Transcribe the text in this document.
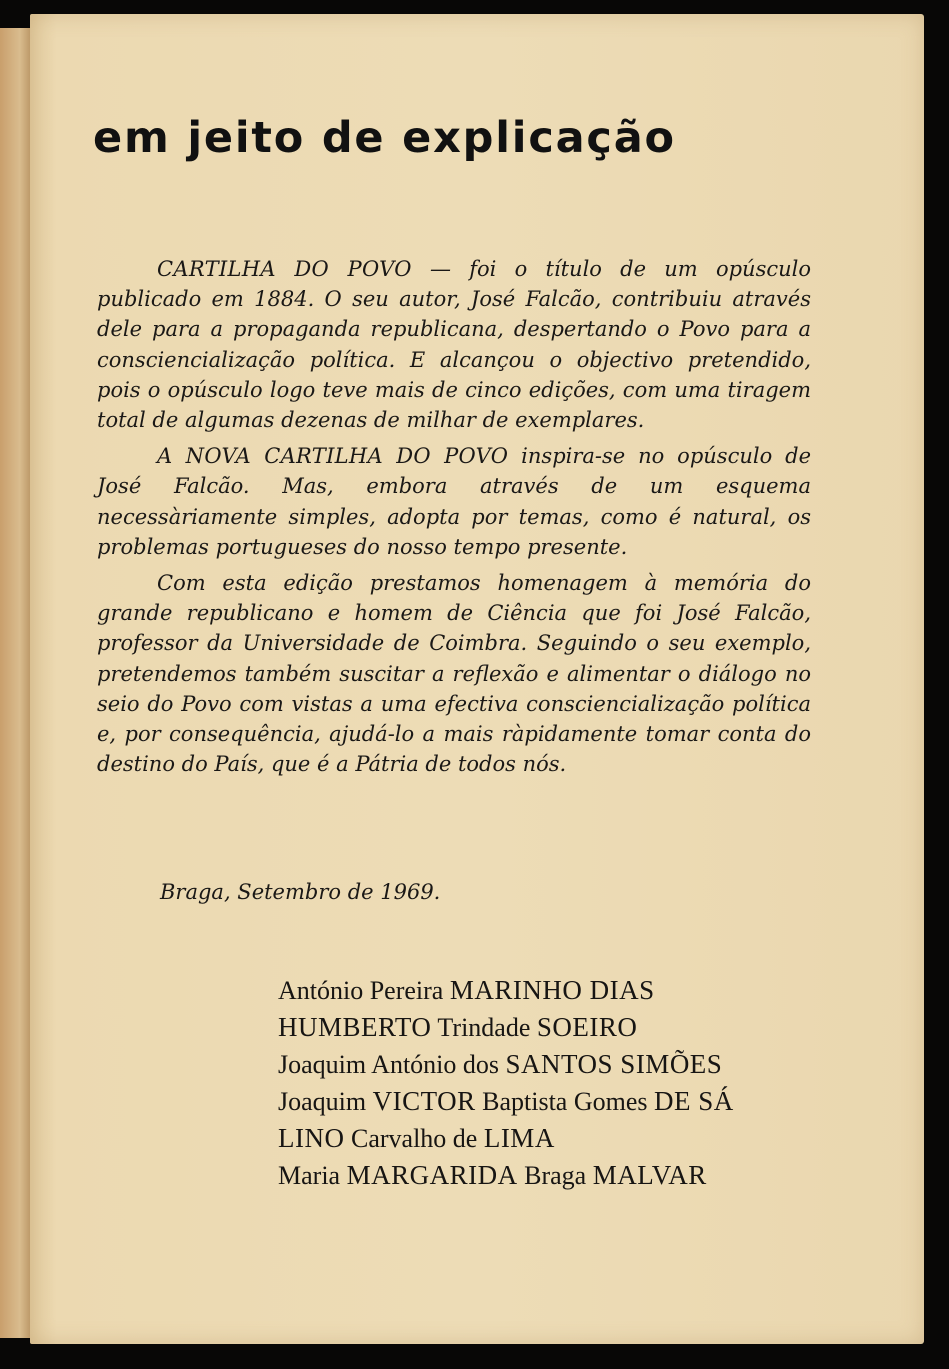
em jeito de explicação

CARTILHA DO POVO — foi o título de um opúsculo publicado em 1884. O seu autor, José Falcão, contribuiu através dele para a propaganda republicana, despertando o Povo para a consciencialização política. E alcançou o objectivo pretendido, pois o opúsculo logo teve mais de cinco edições, com uma tiragem total de algumas dezenas de milhar de exemplares.

A NOVA CARTILHA DO POVO inspira-se no opúsculo de José Falcão. Mas, embora através de um esquema necessàriamente simples, adopta por temas, como é natural, os problemas portugueses do nosso tempo presente.

Com esta edição prestamos homenagem à memória do grande republicano e homem de Ciência que foi José Falcão, professor da Universidade de Coimbra. Seguindo o seu exemplo, pretendemos também suscitar a reflexão e alimentar o diálogo no seio do Povo com vistas a uma efectiva consciencialização política e, por consequência, ajudá-lo a mais ràpidamente tomar conta do destino do País, que é a Pátria de todos nós.

Braga, Setembro de 1969.
António Pereira MARINHO DIAS
HUMBERTO Trindade SOEIRO
Joaquim António dos SANTOS SIMÕES
Joaquim VICTOR Baptista Gomes DE SÁ
LINO Carvalho de LIMA
Maria MARGARIDA Braga MALVAR
